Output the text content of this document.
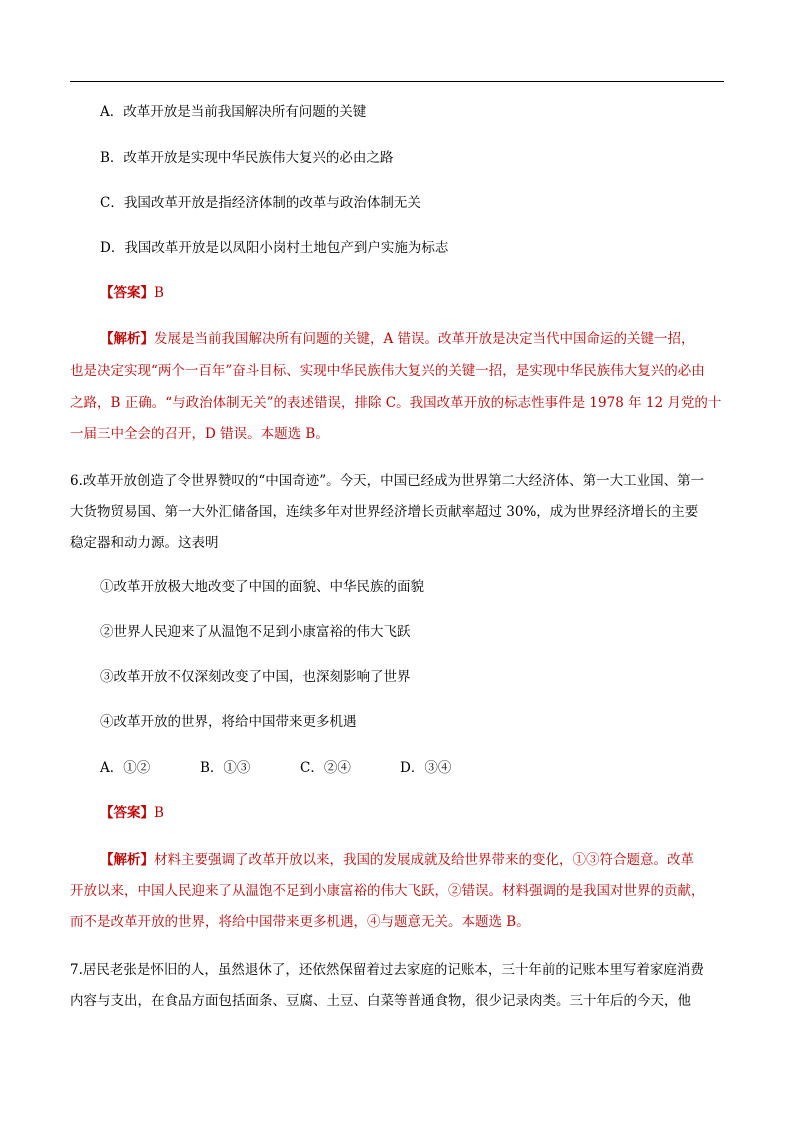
A．改革开放是当前我国解决所有问题的关键
B．改革开放是实现中华民族伟大复兴的必由之路
C．我国改革开放是指经济体制的改革与政治体制无关
D．我国改革开放是以凤阳小岗村土地包产到户实施为标志
【答案】B
【解析】发展是当前我国解决所有问题的关键，A 错误。改革开放是决定当代中国命运的关键一招，
也是决定实现“两个一百年”奋斗目标、实现中华民族伟大复兴的关键一招，是实现中华民族伟大复兴的必由
之路，B 正确。“与政治体制无关”的表述错误，排除 C。我国改革开放的标志性事件是 1978 年 12 月党的十
一届三中全会的召开，D 错误。本题选 B。
6.改革开放创造了令世界赞叹的“中国奇迹”。今天，中国已经成为世界第二大经济体、第一大工业国、第一
大货物贸易国、第一大外汇储备国，连续多年对世界经济增长贡献率超过 30%，成为世界经济增长的主要
稳定器和动力源。这表明
①改革开放极大地改变了中国的面貌、中华民族的面貌
②世界人民迎来了从温饱不足到小康富裕的伟大飞跃
③改革开放不仅深刻改变了中国，也深刻影响了世界
④改革开放的世界，将给中国带来更多机遇
A．①②	B．①③	C．②④	D．③④
【答案】B
【解析】材料主要强调了改革开放以来，我国的发展成就及给世界带来的变化，①③符合题意。改革
开放以来，中国人民迎来了从温饱不足到小康富裕的伟大飞跃，②错误。材料强调的是我国对世界的贡献，
而不是改革开放的世界，将给中国带来更多机遇，④与题意无关。本题选 B。
7.居民老张是怀旧的人，虽然退休了，还依然保留着过去家庭的记账本，三十年前的记账本里写着家庭消费
内容与支出，在食品方面包括面条、豆腐、土豆、白菜等普通食物，很少记录肉类。三十年后的今天，他
